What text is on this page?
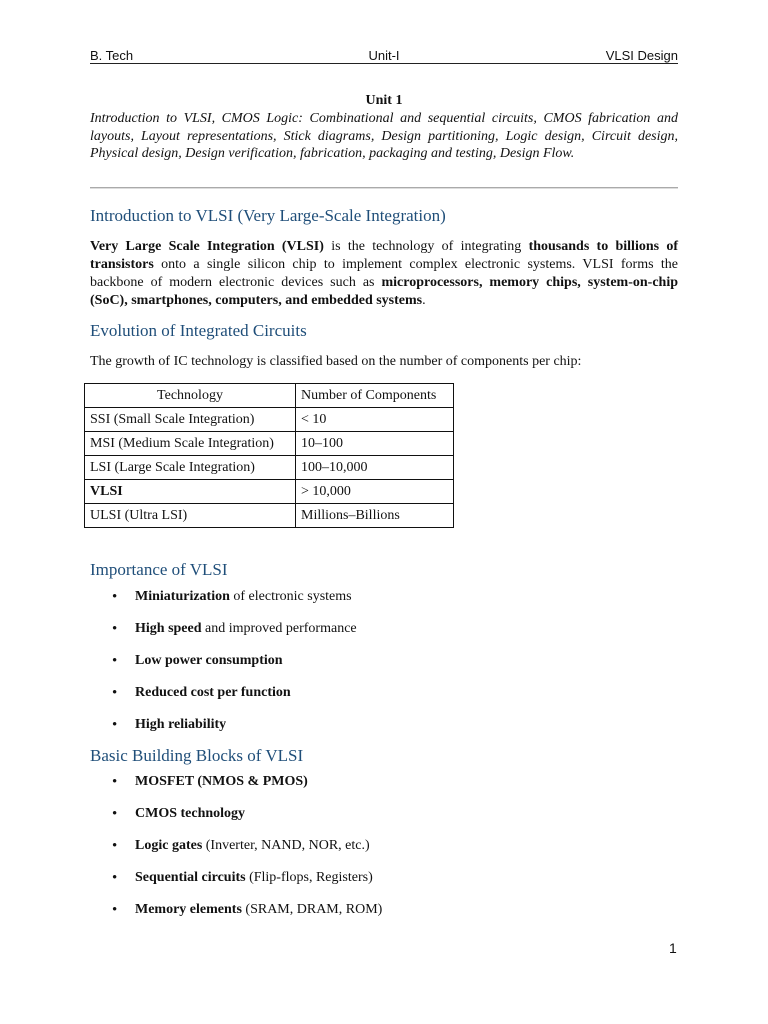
B. Tech	Unit-I	VLSI Design
Unit 1
Introduction to VLSI, CMOS Logic: Combinational and sequential circuits, CMOS fabrication and layouts, Layout representations, Stick diagrams, Design partitioning, Logic design, Circuit design, Physical design, Design verification, fabrication, packaging and testing, Design Flow.
Introduction to VLSI (Very Large-Scale Integration)
Very Large Scale Integration (VLSI) is the technology of integrating thousands to billions of transistors onto a single silicon chip to implement complex electronic systems. VLSI forms the backbone of modern electronic devices such as microprocessors, memory chips, system-on-chip (SoC), smartphones, computers, and embedded systems.
Evolution of Integrated Circuits
The growth of IC technology is classified based on the number of components per chip:
Technology	Number of Components
SSI (Small Scale Integration)	< 10
MSI (Medium Scale Integration)	10–100
LSI (Large Scale Integration)	100–10,000
VLSI	> 10,000
ULSI (Ultra LSI)	Millions–Billions
Importance of VLSI
• Miniaturization of electronic systems
• High speed and improved performance
• Low power consumption
• Reduced cost per function
• High reliability
Basic Building Blocks of VLSI
• MOSFET (NMOS & PMOS)
• CMOS technology
• Logic gates (Inverter, NAND, NOR, etc.)
• Sequential circuits (Flip-flops, Registers)
• Memory elements (SRAM, DRAM, ROM)
1
